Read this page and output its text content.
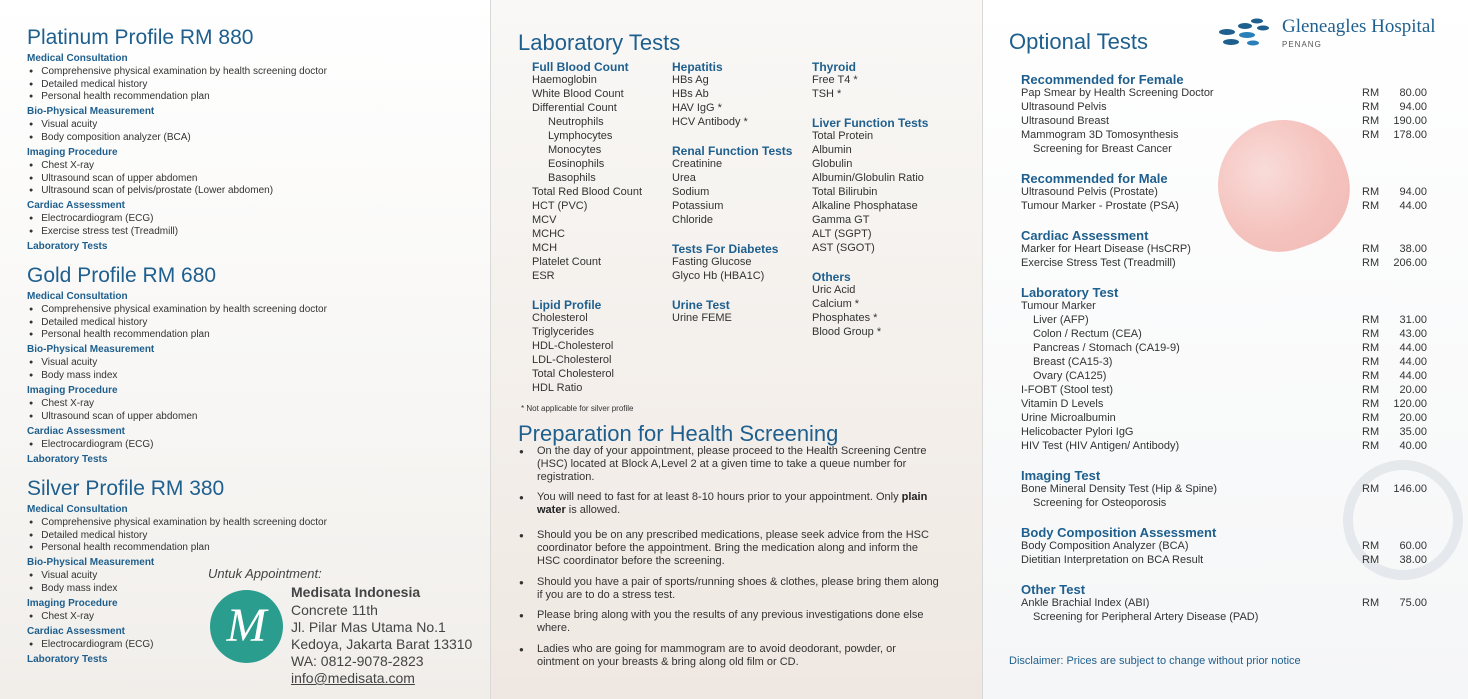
Platinum Profile RM 880
Medical Consultation
● Comprehensive physical examination by health screening doctor
● Detailed medical history
● Personal health recommendation plan
Bio-Physical Measurement
● Visual acuity
● Body composition analyzer (BCA)
Imaging Procedure
● Chest X-ray
● Ultrasound scan of upper abdomen
● Ultrasound scan of pelvis/prostate (Lower abdomen)
Cardiac Assessment
● Electrocardiogram (ECG)
● Exercise stress test (Treadmill)
Laboratory Tests
Gold Profile RM 680
Medical Consultation
● Comprehensive physical examination by health screening doctor
● Detailed medical history
● Personal health recommendation plan
Bio-Physical Measurement
● Visual acuity
● Body mass index
Imaging Procedure
● Chest X-ray
● Ultrasound scan of upper abdomen
Cardiac Assessment
● Electrocardiogram (ECG)
Laboratory Tests
Silver Profile RM 380
Medical Consultation
● Comprehensive physical examination by health screening doctor
● Detailed medical history
● Personal health recommendation plan
Bio-Physical Measurement
● Visual acuity
● Body mass index
Imaging Procedure
● Chest X-ray
Cardiac Assessment
● Electrocardiogram (ECG)
Laboratory Tests
Untuk Appointment:
M
Medisata Indonesia
Concrete 11th
Jl. Pilar Mas Utama No.1
Kedoya, Jakarta Barat 13310
WA: 0812-9078-2823
info@medisata.com
Laboratory Tests
Full Blood Count
Haemoglobin
White Blood Count
Differential Count
Neutrophils
Lymphocytes
Monocytes
Eosinophils
Basophils
Total Red Blood Count
HCT (PVC)
MCV
MCHC
MCH
Platelet Count
ESR
Lipid Profile
Cholesterol
Triglycerides
HDL-Cholesterol
LDL-Cholesterol
Total Cholesterol
HDL Ratio
Hepatitis
HBs Ag
HBs Ab
HAV IgG *
HCV Antibody *
Renal Function Tests
Creatinine
Urea
Sodium
Potassium
Chloride
Tests For Diabetes
Fasting Glucose
Glyco Hb (HBA1C)
Urine Test
Urine FEME
Thyroid
Free T4 *
TSH *
Liver Function Tests
Total Protein
Albumin
Globulin
Albumin/Globulin Ratio
Total Bilirubin
Alkaline Phosphatase
Gamma GT
ALT (SGPT)
AST (SGOT)
Others
Uric Acid
Calcium *
Phosphates *
Blood Group *
* Not applicable for silver profile
Preparation for Health Screening
● On the day of your appointment, please proceed to the Health Screening Centre (HSC) located at Block A,Level 2 at a given time to take a queue number for registration.
● You will need to fast for at least 8-10 hours prior to your appointment. Only plain water is allowed.
● Should you be on any prescribed medications, please seek advice from the HSC coordinator before the appointment. Bring the medication along and inform the HSC coordinator before the screening.
● Should you have a pair of sports/running shoes & clothes, please bring them along if you are to do a stress test.
● Please bring along with you the results of any previous investigations done else where.
● Ladies who are going for mammogram are to avoid deodorant, powder, or ointment on your breasts & bring along old film or CD.
Optional Tests
Gleneagles Hospital
PENANG
Recommended for Female
Pap Smear by Health Screening Doctor	RM 80.00
Ultrasound Pelvis	RM 94.00
Ultrasound Breast	RM 190.00
Mammogram 3D Tomosynthesis	RM 178.00
Screening for Breast Cancer
Recommended for Male
Ultrasound Pelvis (Prostate)	RM 94.00
Tumour Marker - Prostate (PSA)	RM 44.00
Cardiac Assessment
Marker for Heart Disease (HsCRP)	RM 38.00
Exercise Stress Test (Treadmill)	RM 206.00
Laboratory Test
Tumour Marker
Liver (AFP)	RM 31.00
Colon / Rectum (CEA)	RM 43.00
Pancreas / Stomach (CA19-9)	RM 44.00
Breast (CA15-3)	RM 44.00
Ovary (CA125)	RM 44.00
I-FOBT (Stool test)	RM 20.00
Vitamin D Levels	RM 120.00
Urine Microalbumin	RM 20.00
Helicobacter Pylori IgG	RM 35.00
HIV Test (HIV Antigen/ Antibody)	RM 40.00
Imaging Test
Bone Mineral Density Test (Hip & Spine)	RM 146.00
Screening for Osteoporosis
Body Composition Assessment
Body Composition Analyzer (BCA)	RM 60.00
Dietitian Interpretation on BCA Result	RM 38.00
Other Test
Ankle Brachial Index (ABI)	RM 75.00
Screening for Peripheral Artery Disease (PAD)
Disclaimer: Prices are subject to change without prior notice
